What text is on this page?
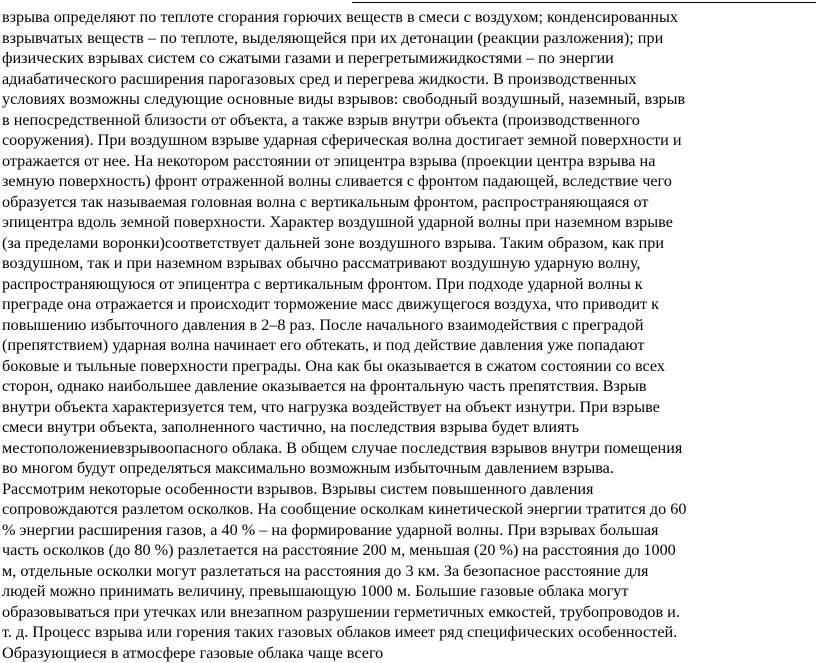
взрыва определяют по теплоте сгорания горючих веществ в смеси с воздухом; конденсированных
взрывчатых веществ – по теплоте, выделяющейся при их детонации (реакции разложения); при
физических взрывах систем со сжатыми газами и перегретымижидкостями – по энергии
адиабатического расширения парогазовых сред и перегрева жидкости. В производственных
условиях возможны следующие основные виды взрывов: свободный воздушный, наземный, взрыв
в непосредственной близости от объекта, а также взрыв внутри объекта (производственного
сооружения). При воздушном взрыве ударная сферическая волна достигает земной поверхности и
отражается от нее. На некотором расстоянии от эпицентра взрыва (проекции центра взрыва на
земную поверхность) фронт отраженной волны сливается с фронтом падающей, вследствие чего
образуется так называемая головная волна с вертикальным фронтом, распространяющаяся от
эпицентра вдоль земной поверхности. Характер воздушной ударной волны при наземном взрыве
(за пределами воронки)соответствует дальней зоне воздушного взрыва. Таким образом, как при
воздушном, так и при наземном взрывах обычно рассматривают воздушную ударную волну,
распространяющуюся от эпицентра с вертикальным фронтом. При подходе ударной волны к
преграде она отражается и происходит торможение масс движущегося воздуха, что приводит к
повышению избыточного давления в 2–8 раз. После начального взаимодействия с преградой
(препятствием) ударная волна начинает его обтекать, и под действие давления уже попадают
боковые и тыльные поверхности преграды. Она как бы оказывается в сжатом состоянии со всех
сторон, однако наибольшее давление оказывается на фронтальную часть препятствия. Взрыв
внутри объекта характеризуется тем, что нагрузка воздействует на объект изнутри. При взрыве
смеси внутри объекта, заполненного частично, на последствия взрыва будет влиять
местоположениевзрывоопасного облака. В общем случае последствия взрывов внутри помещения
во многом будут определяться максимально возможным избыточным давлением взрыва.
Рассмотрим некоторые особенности взрывов. Взрывы систем повышенного давления
сопровождаются разлетом осколков. На сообщение осколкам кинетической энергии тратится до 60
% энергии расширения газов, а 40 % – на формирование ударной волны. При взрывах большая
часть осколков (до 80 %) разлетается на расстояние 200 м, меньшая (20 %) на расстояния до 1000
м, отдельные осколки могут разлетаться на расстояния до 3 км. За безопасное расстояние для
людей можно принимать величину, превышающую 1000 м. Большие газовые облака могут
образовываться при утечках или внезапном разрушении герметичных емкостей, трубопроводов и.
т. д. Процесс взрыва или горения таких газовых облаков имеет ряд специфических особенностей.
Образующиеся в атмосфере газовые облака чаще всего
